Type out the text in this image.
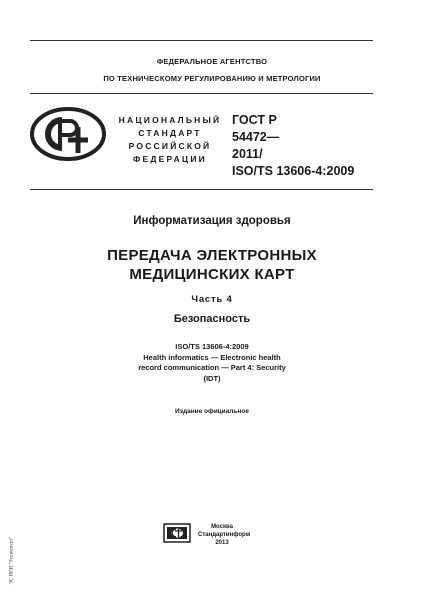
ФЕДЕРАЛЬНОЕ АГЕНТСТВО
ПО ТЕХНИЧЕСКОМУ РЕГУЛИРОВАНИЮ И МЕТРОЛОГИИ
НАЦИОНАЛЬНЫЙ
СТАНДАРТ
РОССИЙСКОЙ
ФЕДЕРАЦИИ
ГОСТ Р
54472—
2011/
ISO/TS 13606-4:2009
Информатизация здоровья
ПЕРЕДАЧА ЭЛЕКТРОННЫХ
МЕДИЦИНСКИХ КАРТ
Часть 4
Безопасность
ISO/TS 13606-4:2009
Health informatics — Electronic health
record communication — Part 4: Security
(IDT)
Издание официальное
Москва
Стандартинформ
2013
ЭС НПИ "Техэксперт"
